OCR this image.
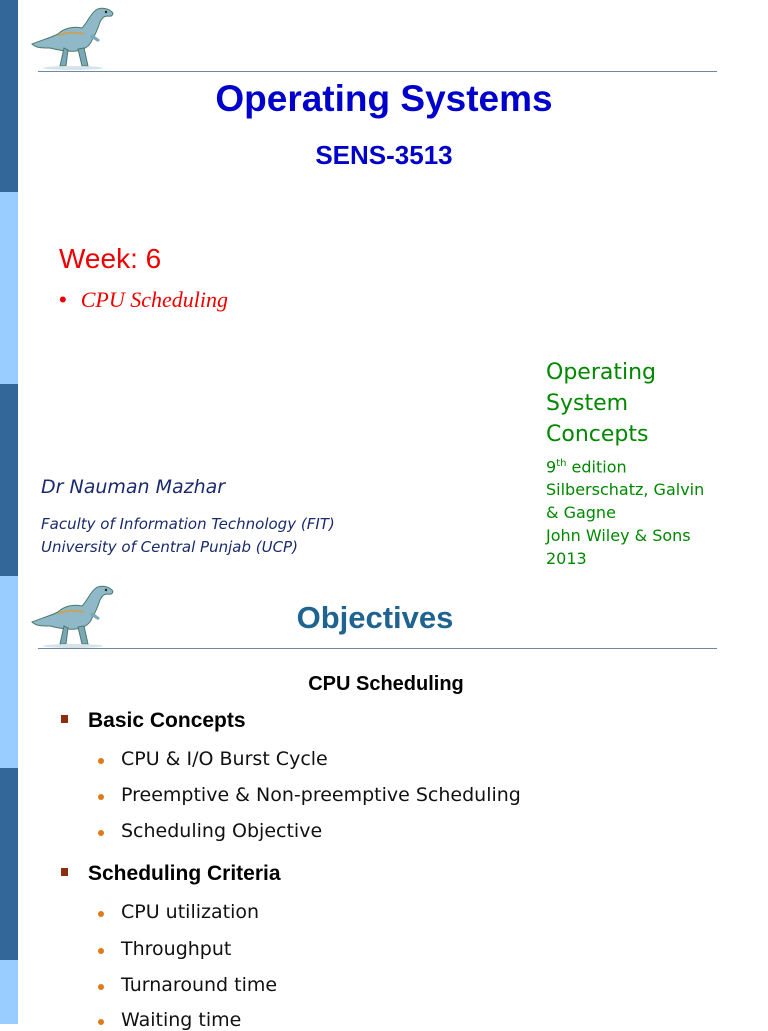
Operating Systems
SENS-3513
Week: 6
• CPU Scheduling
Dr Nauman Mazhar
Faculty of Information Technology (FIT)
University of Central Punjab (UCP)
Operating
System
Concepts
9th edition
Silberschatz, Galvin
& Gagne
John Wiley & Sons
2013
Objectives
CPU Scheduling
Basic Concepts
CPU & I/O Burst Cycle
Preemptive & Non-preemptive Scheduling
Scheduling Objective
Scheduling Criteria
CPU utilization
Throughput
Turnaround time
Waiting time
